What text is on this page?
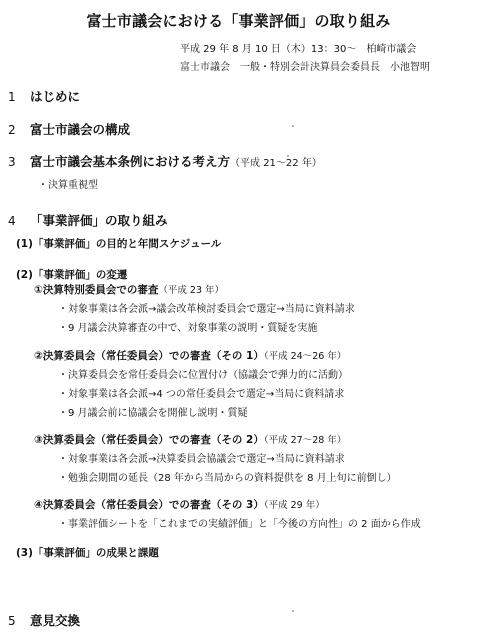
富士市議会における「事業評価」の取り組み
平成 29 年 8 月 10 日（木）13：30～　柏崎市議会
富士市議会　一般・特別会計決算員会委員長　小池智明
1 はじめに
2 富士市議会の構成
3 富士市議会基本条例における考え方（平成 21～22 年）
・決算重視型
4 「事業評価」の取り組み
(1)「事業評価」の目的と年間スケジュール
(2)「事業評価」の変遷
①決算特別委員会での審査（平成 23 年）
・対象事業は各会派→議会改革検討委員会で選定→当局に資料請求
・9 月議会決算審査の中で、対象事業の説明・質疑を実施
②決算委員会（常任委員会）での審査（その 1）（平成 24～26 年）
・決算委員会を常任委員会に位置付け（協議会で弾力的に活動）
・対象事業は各会派→4 つの常任委員会で選定→当局に資料請求
・9 月議会前に協議会を開催し説明・質疑
③決算委員会（常任委員会）での審査（その 2）（平成 27～28 年）
・対象事業は各会派→決算委員会協議会で選定→当局に資料請求
・勉強会期間の延長（28 年から当局からの資料提供を 8 月上旬に前倒し）
④決算委員会（常任委員会）での審査（その 3）（平成 29 年）
・事業評価シートを「これまでの実績評価」と「今後の方向性」の 2 面から作成
(3)「事業評価」の成果と課題
5 意見交換
